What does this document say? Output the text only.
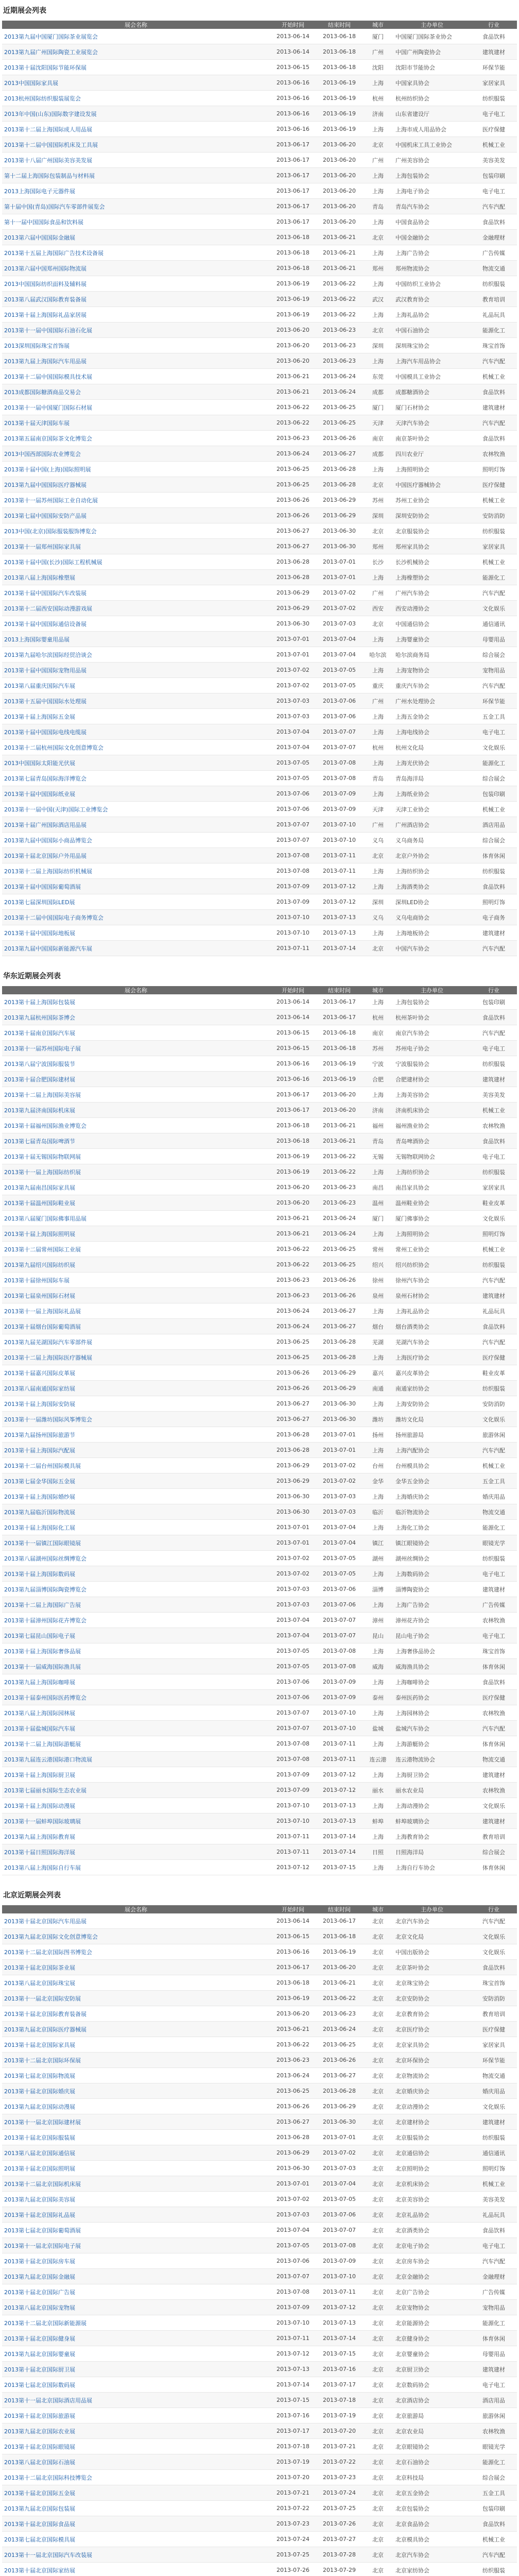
近期展会列表
展会名称	开始时间	结束时间	城市	主办单位	行业
2013第九届中国厦门国际茶业展览会	2013-06-14	2013-06-18	厦门	中国厦门国际茶业协会	食品饮料
2013第九届广州国际陶瓷工业展览会	2013-06-14	2013-06-18	广州	中国广州陶瓷协会	建筑建材
2013第十届沈阳国际节能环保展	2013-06-15	2013-06-18	沈阳	沈阳市节能协会	环保节能
2013中国国际家具展	2013-06-16	2013-06-19	上海	中国家具协会	家居家具
2013杭州国际纺织服装展览会	2013-06-16	2013-06-19	杭州	杭州纺织协会	纺织服装
2013年中国(山东)国际数字建设发展	2013-06-16	2013-06-19	济南	山东省建设厅	电子电工
2013第十二届上海国际成人用品展	2013-06-16	2013-06-19	上海	上海市成人用品协会	医疗保健
2013第十二届中国国际机床及工具展	2013-06-17	2013-06-20	北京	中国机床工具工业协会	机械工业
2013第十八届广州国际美容美发展	2013-06-17	2013-06-20	广州	广州美容协会	美容美发
第十二届上海国际包装制品与材料展	2013-06-17	2013-06-20	上海	上海包装协会	包装印刷
2013上海国际电子元器件展	2013-06-17	2013-06-20	上海	上海电子协会	电子电工
第十届中国(青岛)国际汽车零部件展览会	2013-06-17	2013-06-20	青岛	青岛汽车协会	汽车汽配
第十一届中国国际食品和饮料展	2013-06-17	2013-06-20	上海	中国食品协会	食品饮料
2013第六届中国国际金融展	2013-06-18	2013-06-21	北京	中国金融协会	金融理财
2013第十五届上海国际广告技术设备展	2013-06-18	2013-06-21	上海	上海广告协会	广告传媒
2013第六届中国郑州国际物流展	2013-06-18	2013-06-21	郑州	郑州物流协会	物流交通
2013中国国际纺织面料及辅料展	2013-06-19	2013-06-22	上海	中国纺织工业协会	纺织服装
2013第八届武汉国际教育装备展	2013-06-19	2013-06-22	武汉	武汉教育协会	教育培训
2013第十届上海国际礼品家居展	2013-06-19	2013-06-22	上海	上海礼品协会	礼品玩具
2013第十一届中国国际石油石化展	2013-06-20	2013-06-23	北京	中国石油协会	能源化工
2013深圳国际珠宝首饰展	2013-06-20	2013-06-23	深圳	深圳珠宝协会	珠宝首饰
2013第九届上海国际汽车用品展	2013-06-20	2013-06-23	上海	上海汽车用品协会	汽车汽配
2013第十二届中国国际模具技术展	2013-06-21	2013-06-24	东莞	中国模具工业协会	机械工业
2013成都国际糖酒商品交易会	2013-06-21	2013-06-24	成都	成都糖酒协会	食品饮料
2013第十一届中国厦门国际石材展	2013-06-22	2013-06-25	厦门	厦门石材协会	建筑建材
2013第十届天津国际车展	2013-06-22	2013-06-25	天津	天津汽车协会	汽车汽配
2013第五届南京国际茶文化博览会	2013-06-23	2013-06-26	南京	南京茶叶协会	食品饮料
2013中国西部国际农业博览会	2013-06-24	2013-06-27	成都	四川农业厅	农林牧渔
2013第十届中国(上海)国际照明展	2013-06-25	2013-06-28	上海	上海照明协会	照明灯饰
2013第九届中国国际医疗器械展	2013-06-25	2013-06-28	北京	中国医疗器械协会	医疗保健
2013第十一届苏州国际工业自动化展	2013-06-26	2013-06-29	苏州	苏州工业协会	机械工业
2013第七届中国国际安防产品展	2013-06-26	2013-06-29	深圳	深圳安防协会	安防消防
2013中国(北京)国际服装服饰博览会	2013-06-27	2013-06-30	北京	北京服装协会	纺织服装
2013第十一届郑州国际家具展	2013-06-27	2013-06-30	郑州	郑州家具协会	家居家具
2013第十届中国(长沙)国际工程机械展	2013-06-28	2013-07-01	长沙	长沙机械协会	机械工业
2013第八届上海国际橡塑展	2013-06-28	2013-07-01	上海	上海橡塑协会	能源化工
2013第十届中国国际汽车改装展	2013-06-29	2013-07-02	广州	广州汽车协会	汽车汽配
2013第十二届西安国际动漫游戏展	2013-06-29	2013-07-02	西安	西安动漫协会	文化娱乐
2013第十届中国国际通信设备展	2013-06-30	2013-07-03	北京	中国通信协会	通信通讯
2013上海国际婴童用品展	2013-07-01	2013-07-04	上海	上海婴童协会	母婴用品
2013第九届哈尔滨国际经贸洽谈会	2013-07-01	2013-07-04	哈尔滨	哈尔滨商务局	综合展会
2013第十届中国国际宠物用品展	2013-07-02	2013-07-05	上海	上海宠物协会	宠物用品
2013第八届重庆国际汽车展	2013-07-02	2013-07-05	重庆	重庆汽车协会	汽车汽配
2013第十五届中国国际水处理展	2013-07-03	2013-07-06	广州	广州水处理协会	环保节能
2013第十届上海国际五金展	2013-07-03	2013-07-06	上海	上海五金协会	五金工具
2013第十届中国国际电线电缆展	2013-07-04	2013-07-07	上海	上海电线协会	电子电工
2013第十二届杭州国际文化创意博览会	2013-07-04	2013-07-07	杭州	杭州文化局	文化娱乐
2013中国国际太阳能光伏展	2013-07-05	2013-07-08	上海	上海光伏协会	能源化工
2013第七届青岛国际海洋博览会	2013-07-05	2013-07-08	青岛	青岛海洋局	综合展会
2013第十届中国国际纸业展	2013-07-06	2013-07-09	上海	上海纸业协会	包装印刷
2013第十一届中国(天津)国际工业博览会	2013-07-06	2013-07-09	天津	天津工业协会	机械工业
2013第十届广州国际酒店用品展	2013-07-07	2013-07-10	广州	广州酒店协会	酒店用品
2013第九届中国国际小商品博览会	2013-07-07	2013-07-10	义乌	义乌商务局	综合展会
2013第十届北京国际户外用品展	2013-07-08	2013-07-11	北京	北京户外协会	体育休闲
2013第十二届上海国际纺织机械展	2013-07-08	2013-07-11	上海	上海纺织协会	纺织服装
2013第十届中国国际葡萄酒展	2013-07-09	2013-07-12	上海	上海酒类协会	食品饮料
2013第七届深圳国际LED展	2013-07-09	2013-07-12	深圳	深圳LED协会	照明灯饰
2013第十二届中国国际电子商务博览会	2013-07-10	2013-07-13	义乌	义乌电商协会	电子商务
2013第十届中国国际地板展	2013-07-10	2013-07-13	上海	上海地板协会	建筑建材
2013第九届中国国际新能源汽车展	2013-07-11	2013-07-14	北京	中国汽车协会	汽车汽配
华东近期展会列表
展会名称	开始时间	结束时间	城市	主办单位	行业
2013第十届上海国际包装展	2013-06-14	2013-06-17	上海	上海包装协会	包装印刷
2013第九届杭州国际茶博会	2013-06-14	2013-06-17	杭州	杭州茶叶协会	食品饮料
2013第十届南京国际汽车展	2013-06-15	2013-06-18	南京	南京汽车协会	汽车汽配
2013第十一届苏州国际电子展	2013-06-15	2013-06-18	苏州	苏州电子协会	电子电工
2013第八届宁波国际服装节	2013-06-16	2013-06-19	宁波	宁波服装协会	纺织服装
2013第十届合肥国际建材展	2013-06-16	2013-06-19	合肥	合肥建材协会	建筑建材
2013第十二届上海国际美容展	2013-06-17	2013-06-20	上海	上海美容协会	美容美发
2013第九届济南国际机床展	2013-06-17	2013-06-20	济南	济南机床协会	机械工业
2013第十届福州国际渔业博览会	2013-06-18	2013-06-21	福州	福州渔业协会	农林牧渔
2013第七届青岛国际啤酒节	2013-06-18	2013-06-21	青岛	青岛啤酒协会	食品饮料
2013第十届无锡国际物联网展	2013-06-19	2013-06-22	无锡	无锡物联网协会	电子电工
2013第十一届上海国际纺织展	2013-06-19	2013-06-22	上海	上海纺织协会	纺织服装
2013第九届南昌国际家具展	2013-06-20	2013-06-23	南昌	南昌家具协会	家居家具
2013第十届温州国际鞋业展	2013-06-20	2013-06-23	温州	温州鞋业协会	鞋业皮革
2013第八届厦门国际佛事用品展	2013-06-21	2013-06-24	厦门	厦门佛事协会	文化娱乐
2013第十届上海国际照明展	2013-06-21	2013-06-24	上海	上海照明协会	照明灯饰
2013第十二届常州国际工业展	2013-06-22	2013-06-25	常州	常州工业协会	机械工业
2013第九届绍兴国际纺织展	2013-06-22	2013-06-25	绍兴	绍兴纺织协会	纺织服装
2013第十届徐州国际车展	2013-06-23	2013-06-26	徐州	徐州汽车协会	汽车汽配
2013第七届泉州国际石材展	2013-06-23	2013-06-26	泉州	泉州石材协会	建筑建材
2013第十一届上海国际礼品展	2013-06-24	2013-06-27	上海	上海礼品协会	礼品玩具
2013第十届烟台国际葡萄酒展	2013-06-24	2013-06-27	烟台	烟台酒类协会	食品饮料
2013第九届芜湖国际汽车零部件展	2013-06-25	2013-06-28	芜湖	芜湖汽车协会	汽车汽配
2013第十二届上海国际医疗器械展	2013-06-25	2013-06-28	上海	上海医疗协会	医疗保健
2013第十届嘉兴国际皮革展	2013-06-26	2013-06-29	嘉兴	嘉兴皮革协会	鞋业皮革
2013第八届南通国际家纺展	2013-06-26	2013-06-29	南通	南通家纺协会	纺织服装
2013第十届上海国际安防展	2013-06-27	2013-06-30	上海	上海安防协会	安防消防
2013第十一届潍坊国际风筝博览会	2013-06-27	2013-06-30	潍坊	潍坊文化局	文化娱乐
2013第九届扬州国际旅游节	2013-06-28	2013-07-01	扬州	扬州旅游局	旅游休闲
2013第十届上海国际汽配展	2013-06-28	2013-07-01	上海	上海汽配协会	汽车汽配
2013第十二届台州国际模具展	2013-06-29	2013-07-02	台州	台州模具协会	机械工业
2013第七届金华国际五金展	2013-06-29	2013-07-02	金华	金华五金协会	五金工具
2013第十届上海国际婚纱展	2013-06-30	2013-07-03	上海	上海婚庆协会	婚庆用品
2013第九届临沂国际物流展	2013-06-30	2013-07-03	临沂	临沂物流协会	物流交通
2013第十届上海国际化工展	2013-07-01	2013-07-04	上海	上海化工协会	能源化工
2013第十一届镇江国际眼镜展	2013-07-01	2013-07-04	镇江	镇江眼镜协会	眼镜光学
2013第八届湖州国际丝绸博览会	2013-07-02	2013-07-05	湖州	湖州丝绸协会	纺织服装
2013第十届上海国际数码展	2013-07-02	2013-07-05	上海	上海数码协会	电子电工
2013第九届淄博国际陶瓷博览会	2013-07-03	2013-07-06	淄博	淄博陶瓷协会	建筑建材
2013第十二届上海国际广告展	2013-07-03	2013-07-06	上海	上海广告协会	广告传媒
2013第十届漳州国际花卉博览会	2013-07-04	2013-07-07	漳州	漳州花卉协会	农林牧渔
2013第七届昆山国际电子展	2013-07-04	2013-07-07	昆山	昆山电子协会	电子电工
2013第十届上海国际奢侈品展	2013-07-05	2013-07-08	上海	上海奢侈品协会	珠宝首饰
2013第十一届威海国际渔具展	2013-07-05	2013-07-08	威海	威海渔具协会	体育休闲
2013第九届上海国际咖啡展	2013-07-06	2013-07-09	上海	上海咖啡协会	食品饮料
2013第十届泰州国际医药博览会	2013-07-06	2013-07-09	泰州	泰州医药协会	医疗保健
2013第八届上海国际园林展	2013-07-07	2013-07-10	上海	上海园林协会	农林牧渔
2013第十届盐城国际汽车展	2013-07-07	2013-07-10	盐城	盐城汽车协会	汽车汽配
2013第十二届上海国际游艇展	2013-07-08	2013-07-11	上海	上海游艇协会	体育休闲
2013第九届连云港国际港口物流展	2013-07-08	2013-07-11	连云港	连云港物流协会	物流交通
2013第十届上海国际厨卫展	2013-07-09	2013-07-12	上海	上海厨卫协会	建筑建材
2013第七届丽水国际生态农业展	2013-07-09	2013-07-12	丽水	丽水农业局	农林牧渔
2013第十届上海国际动漫展	2013-07-10	2013-07-13	上海	上海动漫协会	文化娱乐
2013第十一届蚌埠国际玻璃展	2013-07-10	2013-07-13	蚌埠	蚌埠玻璃协会	建筑建材
2013第九届上海国际教育展	2013-07-11	2013-07-14	上海	上海教育协会	教育培训
2013第十届日照国际海洋展	2013-07-11	2013-07-14	日照	日照海洋局	综合展会
2013第八届上海国际自行车展	2013-07-12	2013-07-15	上海	上海自行车协会	体育休闲
北京近期展会列表
展会名称	开始时间	结束时间	城市	主办单位	行业
2013第十届北京国际汽车用品展	2013-06-14	2013-06-17	北京	北京汽车协会	汽车汽配
2013第九届北京国际文化创意博览会	2013-06-15	2013-06-18	北京	北京文化局	文化娱乐
2013第十二届北京国际图书博览会	2013-06-16	2013-06-19	北京	中国出版协会	文化娱乐
2013第十届北京国际茶业展	2013-06-17	2013-06-20	北京	北京茶叶协会	食品饮料
2013第八届北京国际珠宝展	2013-06-18	2013-06-21	北京	北京珠宝协会	珠宝首饰
2013第十一届北京国际安防展	2013-06-19	2013-06-22	北京	北京安防协会	安防消防
2013第十届北京国际教育装备展	2013-06-20	2013-06-23	北京	北京教育协会	教育培训
2013第九届北京国际医疗器械展	2013-06-21	2013-06-24	北京	北京医疗协会	医疗保健
2013第十届北京国际家具展	2013-06-22	2013-06-25	北京	北京家具协会	家居家具
2013第十二届北京国际环保展	2013-06-23	2013-06-26	北京	北京环保协会	环保节能
2013第七届北京国际物流展	2013-06-24	2013-06-27	北京	北京物流协会	物流交通
2013第十届北京国际婚庆展	2013-06-25	2013-06-28	北京	北京婚庆协会	婚庆用品
2013第九届北京国际动漫展	2013-06-26	2013-06-29	北京	北京动漫协会	文化娱乐
2013第十一届北京国际建材展	2013-06-27	2013-06-30	北京	北京建材协会	建筑建材
2013第十届北京国际服装展	2013-06-28	2013-07-01	北京	北京服装协会	纺织服装
2013第八届北京国际通信展	2013-06-29	2013-07-02	北京	北京通信协会	通信通讯
2013第十届北京国际照明展	2013-06-30	2013-07-03	北京	北京照明协会	照明灯饰
2013第十二届北京国际机床展	2013-07-01	2013-07-04	北京	北京机床协会	机械工业
2013第九届北京国际美容展	2013-07-02	2013-07-05	北京	北京美容协会	美容美发
2013第十届北京国际礼品展	2013-07-03	2013-07-06	北京	北京礼品协会	礼品玩具
2013第七届北京国际葡萄酒展	2013-07-04	2013-07-07	北京	北京酒类协会	食品饮料
2013第十一届北京国际电子展	2013-07-05	2013-07-08	北京	北京电子协会	电子电工
2013第十届北京国际房车展	2013-07-06	2013-07-09	北京	北京房车协会	汽车汽配
2013第九届北京国际金融展	2013-07-07	2013-07-10	北京	北京金融协会	金融理财
2013第十届北京国际广告展	2013-07-08	2013-07-11	北京	北京广告协会	广告传媒
2013第八届北京国际宠物展	2013-07-09	2013-07-12	北京	北京宠物协会	宠物用品
2013第十二届北京国际新能源展	2013-07-10	2013-07-13	北京	北京能源协会	能源化工
2013第十届北京国际健身展	2013-07-11	2013-07-14	北京	北京健身协会	体育休闲
2013第九届北京国际婴童展	2013-07-12	2013-07-15	北京	北京婴童协会	母婴用品
2013第十届北京国际厨卫展	2013-07-13	2013-07-16	北京	北京厨卫协会	建筑建材
2013第七届北京国际数码展	2013-07-14	2013-07-17	北京	北京数码协会	电子电工
2013第十一届北京国际酒店用品展	2013-07-15	2013-07-18	北京	北京酒店协会	酒店用品
2013第十届北京国际旅游展	2013-07-16	2013-07-19	北京	北京旅游局	旅游休闲
2013第九届北京国际农业展	2013-07-17	2013-07-20	北京	北京农业局	农林牧渔
2013第十届北京国际眼镜展	2013-07-18	2013-07-21	北京	北京眼镜协会	眼镜光学
2013第八届北京国际石油展	2013-07-19	2013-07-22	北京	北京石油协会	能源化工
2013第十二届北京国际科技博览会	2013-07-20	2013-07-23	北京	北京科技局	综合展会
2013第十届北京国际五金展	2013-07-21	2013-07-24	北京	北京五金协会	五金工具
2013第九届北京国际包装展	2013-07-22	2013-07-25	北京	北京包装协会	包装印刷
2013第十届北京国际食品展	2013-07-23	2013-07-26	北京	北京食品协会	食品饮料
2013第七届北京国际模具展	2013-07-24	2013-07-27	北京	北京模具协会	机械工业
2013第十一届北京国际汽车改装展	2013-07-25	2013-07-28	北京	北京汽车协会	汽车汽配
2013第十届北京国际家纺展	2013-07-26	2013-07-29	北京	北京家纺协会	纺织服装
